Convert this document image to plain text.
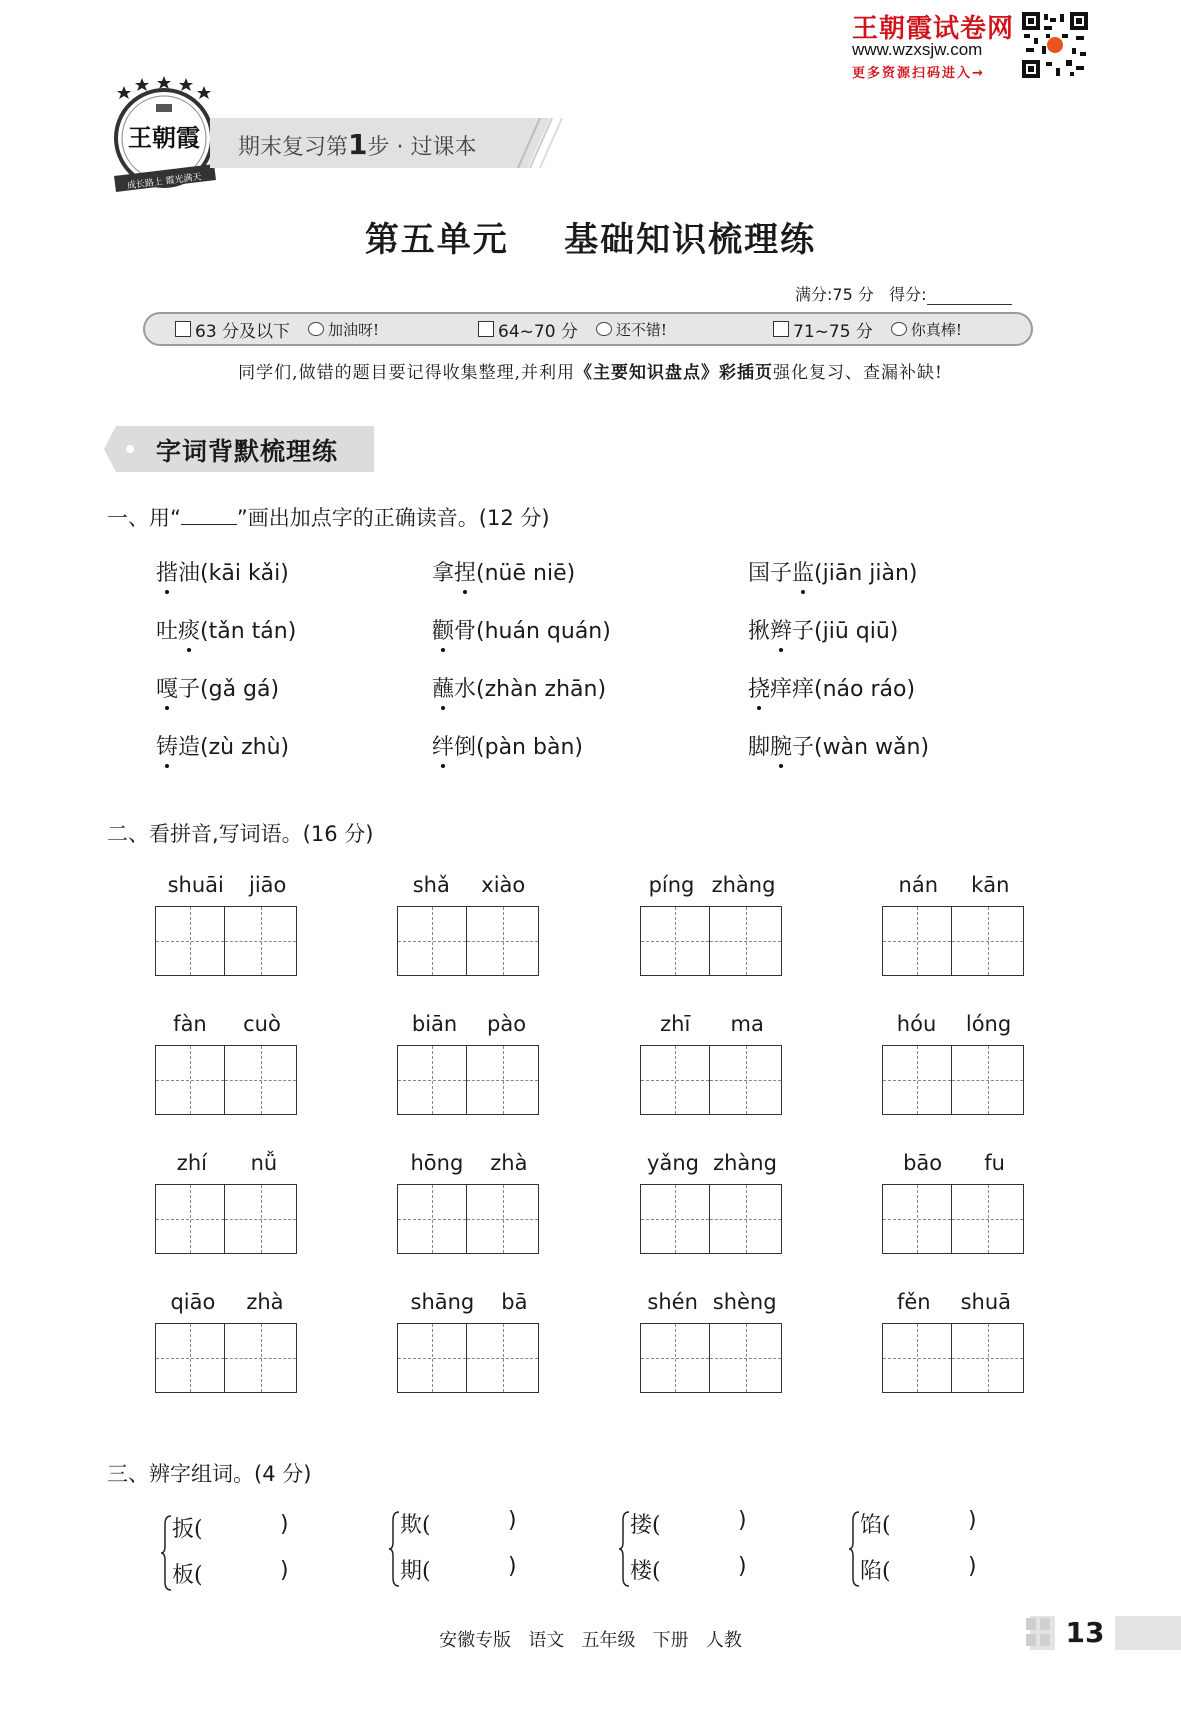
王朝霞试卷网
www.wzxsjw.com
更多资源扫码进入→
王朝霞
成长路上 霞光满天
期末复习第1步 · 过课本
第五单元    基础知识梳理练
满分:75 分 得分:
63 分及以下	加油呀!	64~70 分	还不错!	71~75 分	你真棒!
同学们,做错的题目要记得收集整理,并利用《主要知识盘点》彩插页强化复习、查漏补缺!
字词背默梳理练
一、用“	”画出加点字的正确读音。(12 分)
揩油(kāi kǎi)	拿捏(nüē niē)	国子监(jiān jiàn)
吐痰(tǎn tán)	颧骨(huán quán)	揪辫子(jiū qiū)
嘎子(gǎ gá)	蘸水(zhàn zhān)	挠痒痒(náo ráo)
铸造(zù zhù)	绊倒(pàn bàn)	脚腕子(wàn wǎn)
二、看拼音,写词语。(16 分)
shuāi jiāo	shǎ xiào	píng zhàng	nán kān
fàn cuò	biān pào	zhī ma	hóu lóng
zhí nǚ	hōng zhà	yǎng zhàng	bāo fu
qiāo zhà	shāng bā	shén shèng	fěn shuā
三、辨字组词。(4 分)
扳(	)
板(	)
欺(	)
期(	)
搂(	)
楼(	)
馅(	)
陷(	)
安徽专版   语文   五年级   下册   人教	13
